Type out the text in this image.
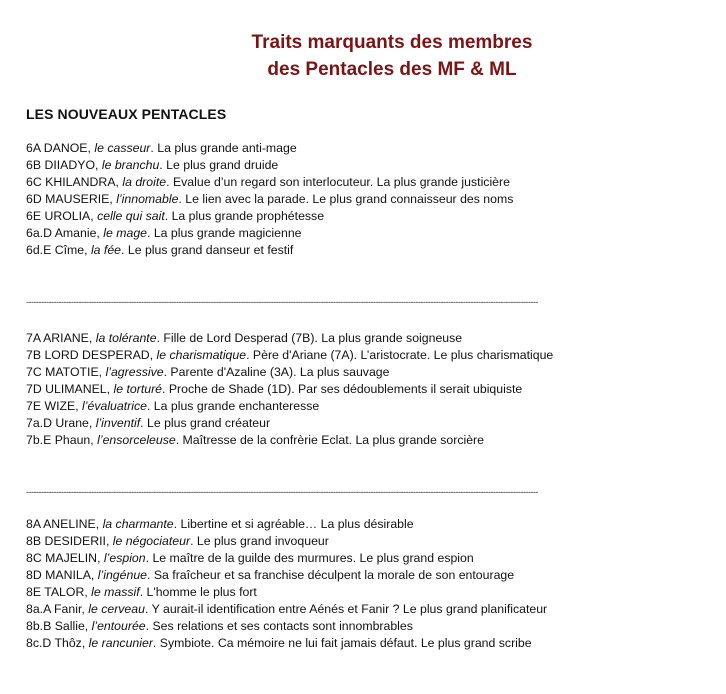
Traits marquants des membres
des Pentacles des MF & ML
LES NOUVEAUX PENTACLES
6A DANOE, le casseur. La plus grande anti-mage
6B DIIADYO, le branchu. Le plus grand druide
6C KHILANDRA, la droite. Evalue d’un regard son interlocuteur. La plus grande justicière
6D MAUSERIE, l’innomable. Le lien avec la parade. Le plus grand connaisseur des noms
6E UROLIA, celle qui sait. La plus grande prophétesse
6a.D Amanie, le mage. La plus grande magicienne
6d.E Cîme, la fée. Le plus grand danseur et festif
-------------------------------------------------------------------------------------------------------------------------------------------------------------------------------------------------------------
7A ARIANE, la tolérante. Fille de Lord Desperad (7B). La plus grande soigneuse
7B LORD DESPERAD, le charismatique. Père d'Ariane (7A). L’aristocrate. Le plus charismatique
7C MATOTIE, l’agressive. Parente d'Azaline (3A). La plus sauvage
7D ULIMANEL, le torturé. Proche de Shade (1D). Par ses dédoublements il serait ubiquiste
7E WIZE, l’évaluatrice. La plus grande enchanteresse
7a.D Urane, l’inventif. Le plus grand créateur
7b.E Phaun, l’ensorceleuse. Maîtresse de la confrèrie Eclat. La plus grande sorcière
-------------------------------------------------------------------------------------------------------------------------------------------------------------------------------------------------------------
8A ANELINE, la charmante. Libertine et si agréable… La plus désirable
8B DESIDERII, le négociateur. Le plus grand invoqueur
8C MAJELIN, l’espion. Le maître de la guilde des murmures. Le plus grand espion
8D MANILA, l’ingénue. Sa fraîcheur et sa franchise déculpent la morale de son entourage
8E TALOR, le massif. L'homme le plus fort
8a.A Fanir, le cerveau. Y aurait-il identification entre Aénés et Fanir ? Le plus grand planificateur
8b.B Sallie, l’entourée. Ses relations et ses contacts sont innombrables
8c.D Thôz, le rancunier. Symbiote. Ca mémoire ne lui fait jamais défaut. Le plus grand scribe
